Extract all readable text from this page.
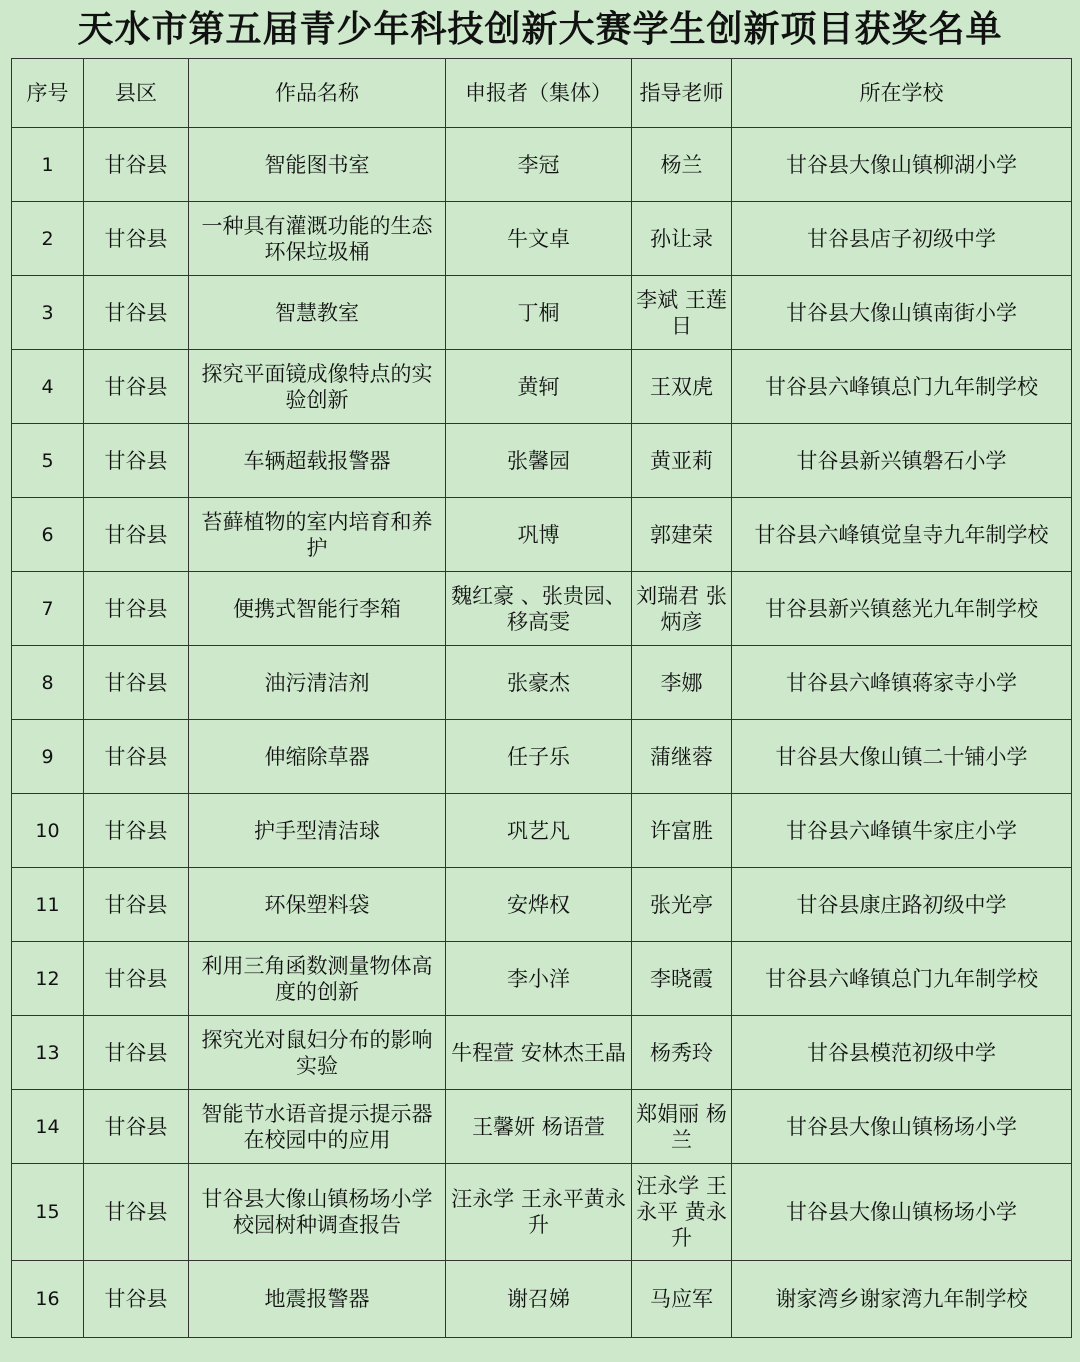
天水市第五届青少年科技创新大赛学生创新项目获奖名单
序号	县区	作品名称	申报者（集体）	指导老师	所在学校
1	甘谷县	智能图书室	李冠	杨兰	甘谷县大像山镇柳湖小学
2	甘谷县	一种具有灌溉功能的生态环保垃圾桶	牛文卓	孙让录	甘谷县店子初级中学
3	甘谷县	智慧教室	丁桐	李斌 王莲日	甘谷县大像山镇南街小学
4	甘谷县	探究平面镜成像特点的实验创新	黄轲	王双虎	甘谷县六峰镇总门九年制学校
5	甘谷县	车辆超载报警器	张馨园	黄亚莉	甘谷县新兴镇磐石小学
6	甘谷县	苔藓植物的室内培育和养护	巩博	郭建荣	甘谷县六峰镇觉皇寺九年制学校
7	甘谷县	便携式智能行李箱	魏红豪 、张贵园、移高雯	刘瑞君 张炳彦	甘谷县新兴镇慈光九年制学校
8	甘谷县	油污清洁剂	张豪杰	李娜	甘谷县六峰镇蒋家寺小学
9	甘谷县	伸缩除草器	任子乐	蒲继蓉	甘谷县大像山镇二十铺小学
10	甘谷县	护手型清洁球	巩艺凡	许富胜	甘谷县六峰镇牛家庄小学
11	甘谷县	环保塑料袋	安烨权	张光亭	甘谷县康庄路初级中学
12	甘谷县	利用三角函数测量物体高度的创新	李小洋	李晓霞	甘谷县六峰镇总门九年制学校
13	甘谷县	探究光对鼠妇分布的影响实验	牛程萱 安林杰王晶	杨秀玲	甘谷县模范初级中学
14	甘谷县	智能节水语音提示提示器在校园中的应用	王馨妍 杨语萱	郑娟丽 杨兰	甘谷县大像山镇杨场小学
15	甘谷县	甘谷县大像山镇杨场小学校园树种调查报告	汪永学 王永平黄永升	汪永学 王永平 黄永升	甘谷县大像山镇杨场小学
16	甘谷县	地震报警器	谢召娣	马应军	谢家湾乡谢家湾九年制学校
